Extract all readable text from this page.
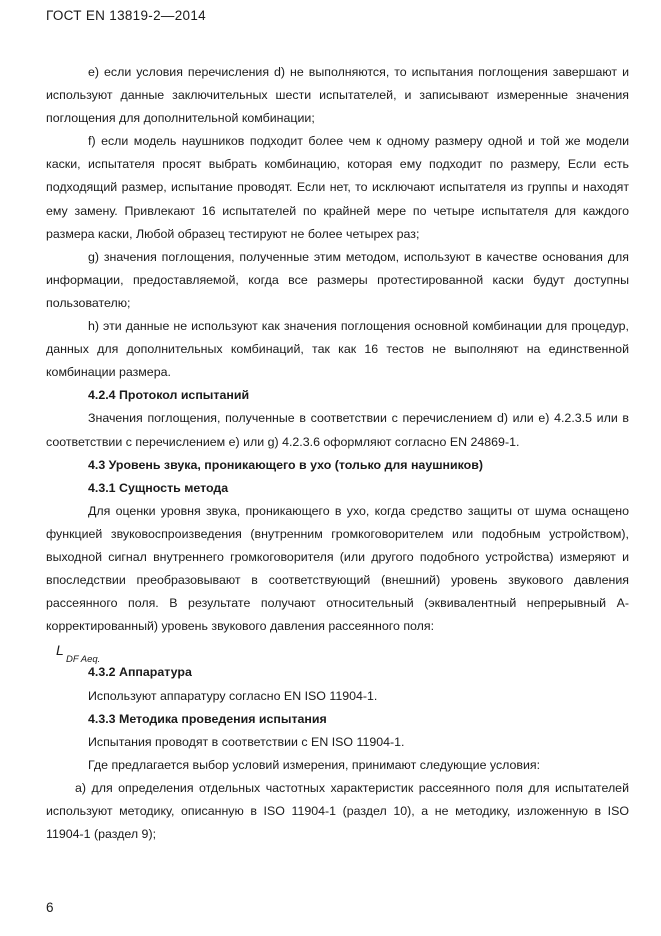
ГОСТ EN 13819-2—2014

е) если условия перечисления d) не выполняются, то испытания поглощения завершают и используют данные заключительных шести испытателей, и записывают измеренные значения поглощения для дополнительной комбинации;

f) если модель наушников подходит более чем к одному размеру одной и той же модели каски, испытателя просят выбрать комбинацию, которая ему подходит по размеру, Если есть подходящий размер, испытание проводят. Если нет, то исключают испытателя из группы и находят ему замену. Привлекают 16 испытателей по крайней мере по четыре испытателя для каждого размера каски, Любой образец тестируют не более четырех раз;

g) значения поглощения, полученные этим методом, используют в качестве основания для информации, предоставляемой, когда все размеры протестированной каски будут доступны пользователю;

h) эти данные не используют как значения поглощения основной комбинации для процедур, данных для дополнительных комбинаций, так как 16 тестов не выполняют на единственной комбинации размера.

4.2.4 Протокол испытаний

Значения поглощения, полученные в соответствии с перечислением d) или е) 4.2.3.5 или в соответствии с перечислением е) или g) 4.2.3.6 оформляют согласно EN 24869-1.

4.3 Уровень звука, проникающего в ухо (только для наушников)

4.3.1 Сущность метода

Для оценки уровня звука, проникающего в ухо, когда средство защиты от шума оснащено функцией звуковоспроизведения (внутренним громкоговорителем или подобным устройством), выходной сигнал внутреннего громкоговорителя (или другого подобного устройства) измеряют и впоследствии преобразовывают в соответствующий (внешний) уровень звукового давления рассеянного поля. В результате получают относительный (эквивалентный непрерывный А-корректированный) уровень звукового давления рассеянного поля:

L
DF Aeq.

4.3.2 Аппаратура

Используют аппаратуру согласно EN ISO 11904-1.

4.3.3 Методика проведения испытания

Испытания проводят в соответствии с EN ISO 11904-1.

Где предлагается выбор условий измерения, принимают следующие условия:

а) для определения отдельных частотных характеристик рассеянного поля для испытателей используют методику, описанную в ISO 11904-1 (раздел 10), а не методику, изложенную в ISO 11904-1 (раздел 9);

6
